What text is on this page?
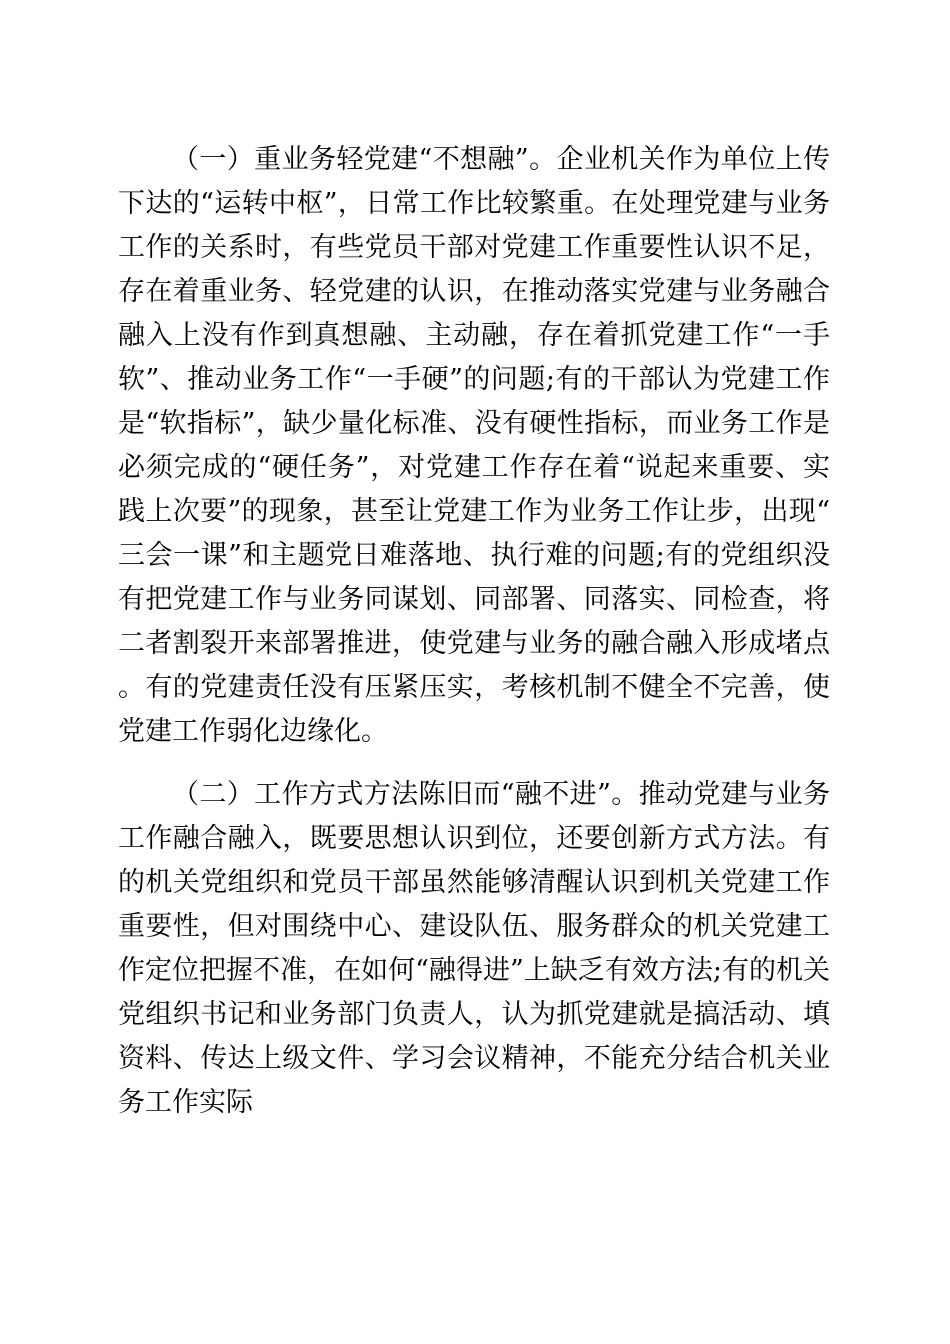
（一）重业务轻党建“不想融”。企业机关作为单位上传下达的“运转中枢”，日常工作比较繁重。在处理党建与业务工作的关系时，有些党员干部对党建工作重要性认识不足，存在着重业务、轻党建的认识，在推动落实党建与业务融合融入上没有作到真想融、主动融，存在着抓党建工作“一手软”、推动业务工作“一手硬”的问题;有的干部认为党建工作是“软指标”，缺少量化标准、没有硬性指标，而业务工作是必须完成的“硬任务”，对党建工作存在着“说起来重要、实践上次要”的现象，甚至让党建工作为业务工作让步，出现“三会一课”和主题党日难落地、执行难的问题;有的党组织没有把党建工作与业务同谋划、同部署、同落实、同检查，将二者割裂开来部署推进，使党建与业务的融合融入形成堵点。有的党建责任没有压紧压实，考核机制不健全不完善，使党建工作弱化边缘化。

（二）工作方式方法陈旧而“融不进”。推动党建与业务工作融合融入，既要思想认识到位，还要创新方式方法。有的机关党组织和党员干部虽然能够清醒认识到机关党建工作重要性，但对围绕中心、建设队伍、服务群众的机关党建工作定位把握不准，在如何“融得进”上缺乏有效方法;有的机关党组织书记和业务部门负责人，认为抓党建就是搞活动、填资料、传达上级文件、学习会议精神，不能充分结合机关业务工作实际
